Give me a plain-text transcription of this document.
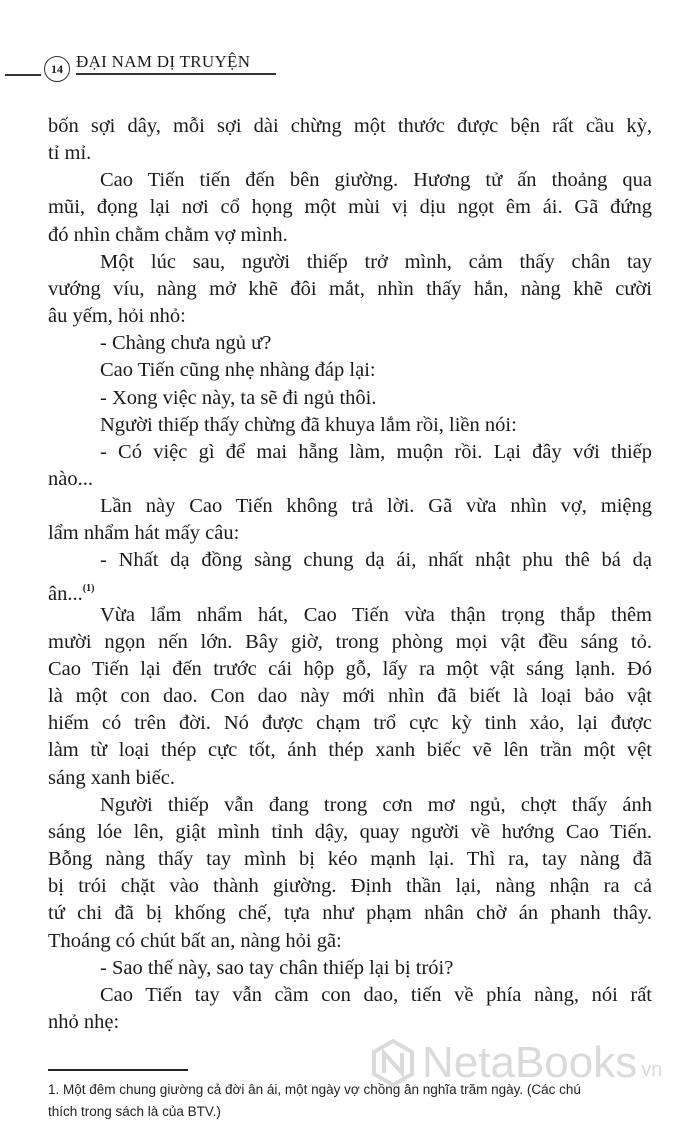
14 ĐẠI NAM DỊ TRUYỆN
bốn sợi dây, mỗi sợi dài chừng một thước được bện rất cầu kỳ,
tỉ mỉ.
Cao Tiến tiến đến bên giường. Hương tử ấn thoảng qua
mũi, đọng lại nơi cổ họng một mùi vị dịu ngọt êm ái. Gã đứng
đó nhìn chằm chằm vợ mình.
Một lúc sau, người thiếp trở mình, cảm thấy chân tay
vướng víu, nàng mở khẽ đôi mắt, nhìn thấy hắn, nàng khẽ cười
âu yếm, hỏi nhỏ:
- Chàng chưa ngủ ư?
Cao Tiến cũng nhẹ nhàng đáp lại:
- Xong việc này, ta sẽ đi ngủ thôi.
Người thiếp thấy chừng đã khuya lắm rồi, liền nói:
- Có việc gì để mai hẵng làm, muộn rồi. Lại đây với thiếp
nào...
Lần này Cao Tiến không trả lời. Gã vừa nhìn vợ, miệng
lẩm nhẩm hát mấy câu:
- Nhất dạ đồng sàng chung dạ ái, nhất nhật phu thê bá dạ
ân...$^{(1)}$
Vừa lẩm nhẩm hát, Cao Tiến vừa thận trọng thắp thêm
mười ngọn nến lớn. Bây giờ, trong phòng mọi vật đều sáng tỏ.
Cao Tiến lại đến trước cái hộp gỗ, lấy ra một vật sáng lạnh. Đó
là một con dao. Con dao này mới nhìn đã biết là loại bảo vật
hiếm có trên đời. Nó được chạm trổ cực kỳ tinh xảo, lại được
làm từ loại thép cực tốt, ánh thép xanh biếc vẽ lên trần một vệt
sáng xanh biếc.
Người thiếp vẫn đang trong cơn mơ ngủ, chợt thấy ánh
sáng lóe lên, giật mình tỉnh dậy, quay người về hướng Cao Tiến.
Bỗng nàng thấy tay mình bị kéo mạnh lại. Thì ra, tay nàng đã
bị trói chặt vào thành giường. Định thần lại, nàng nhận ra cả
tứ chi đã bị khống chế, tựa như phạm nhân chờ án phanh thây.
Thoáng có chút bất an, nàng hỏi gã:
- Sao thế này, sao tay chân thiếp lại bị trói?
Cao Tiến tay vẫn cầm con dao, tiến về phía nàng, nói rất
nhỏ nhẹ:
1. Một đêm chung giường cả đời ân ái, một ngày vợ chồng ân nghĩa trăm ngày. (Các chú
thích trong sách là của BTV.)
NetaBooks vn
